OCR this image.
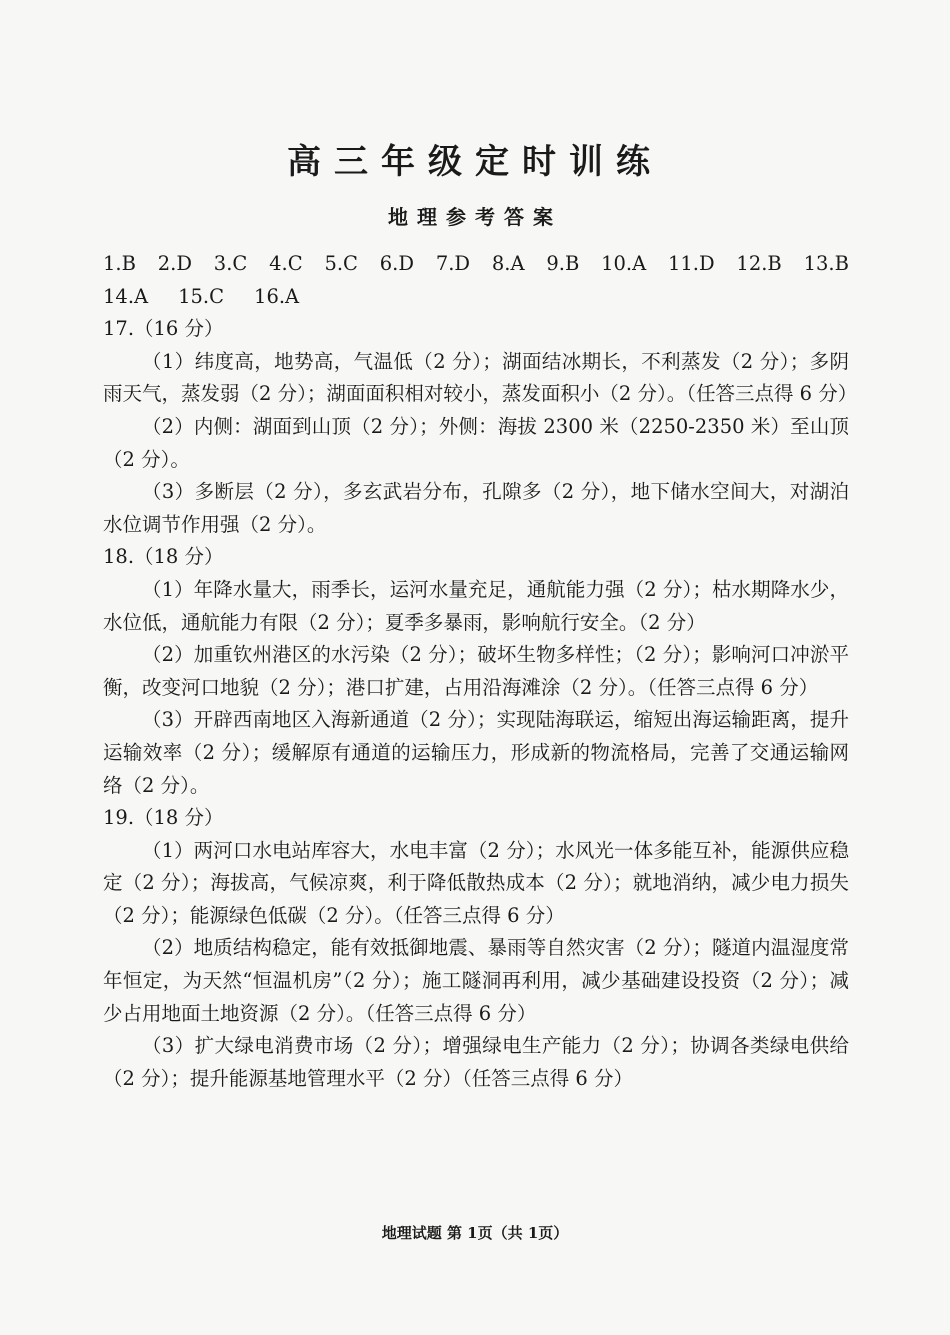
高三年级定时训练
地理参考答案
1.B 2.D 3.C 4.C 5.C 6.D 7.D 8.A 9.B 10.A 11.D 12.B 13.B
14.A 15.C 16.A
17.（16 分）
（1）纬度高，地势高，气温低（2 分）；湖面结冰期长，不利蒸发（2 分）；多阴雨天气，蒸发弱（2 分）；湖面面积相对较小，蒸发面积小（2 分）。（任答三点得 6 分）
（2）内侧：湖面到山顶（2 分）；外侧：海拔 2300 米（2250-2350 米）至山顶（2 分）。
（3）多断层（2 分），多玄武岩分布，孔隙多（2 分），地下储水空间大，对湖泊水位调节作用强（2 分）。
18.（18 分）
（1）年降水量大，雨季长，运河水量充足，通航能力强（2 分）；枯水期降水少，水位低，通航能力有限（2 分）；夏季多暴雨，影响航行安全。（2 分）
（2）加重钦州港区的水污染（2 分）；破坏生物多样性；（2 分）；影响河口冲淤平衡，改变河口地貌（2 分）；港口扩建，占用沿海滩涂（2 分）。（任答三点得 6 分）
（3）开辟西南地区入海新通道（2 分）；实现陆海联运，缩短出海运输距离，提升运输效率（2 分）；缓解原有通道的运输压力，形成新的物流格局，完善了交通运输网络（2 分）。
19.（18 分）
（1）两河口水电站库容大，水电丰富（2 分）；水风光一体多能互补，能源供应稳定（2 分）；海拔高，气候凉爽，利于降低散热成本（2 分）；就地消纳，减少电力损失（2 分）；能源绿色低碳（2 分）。（任答三点得 6 分）
（2）地质结构稳定，能有效抵御地震、暴雨等自然灾害（2 分）；隧道内温湿度常年恒定，为天然“恒温机房”（2 分）；施工隧洞再利用，减少基础建设投资（2 分）；减少占用地面土地资源（2 分）。（任答三点得 6 分）
（3）扩大绿电消费市场（2 分）；增强绿电生产能力（2 分）；协调各类绿电供给（2 分）；提升能源基地管理水平（2 分）（任答三点得 6 分）
地理试题 第 1页（共 1页）
